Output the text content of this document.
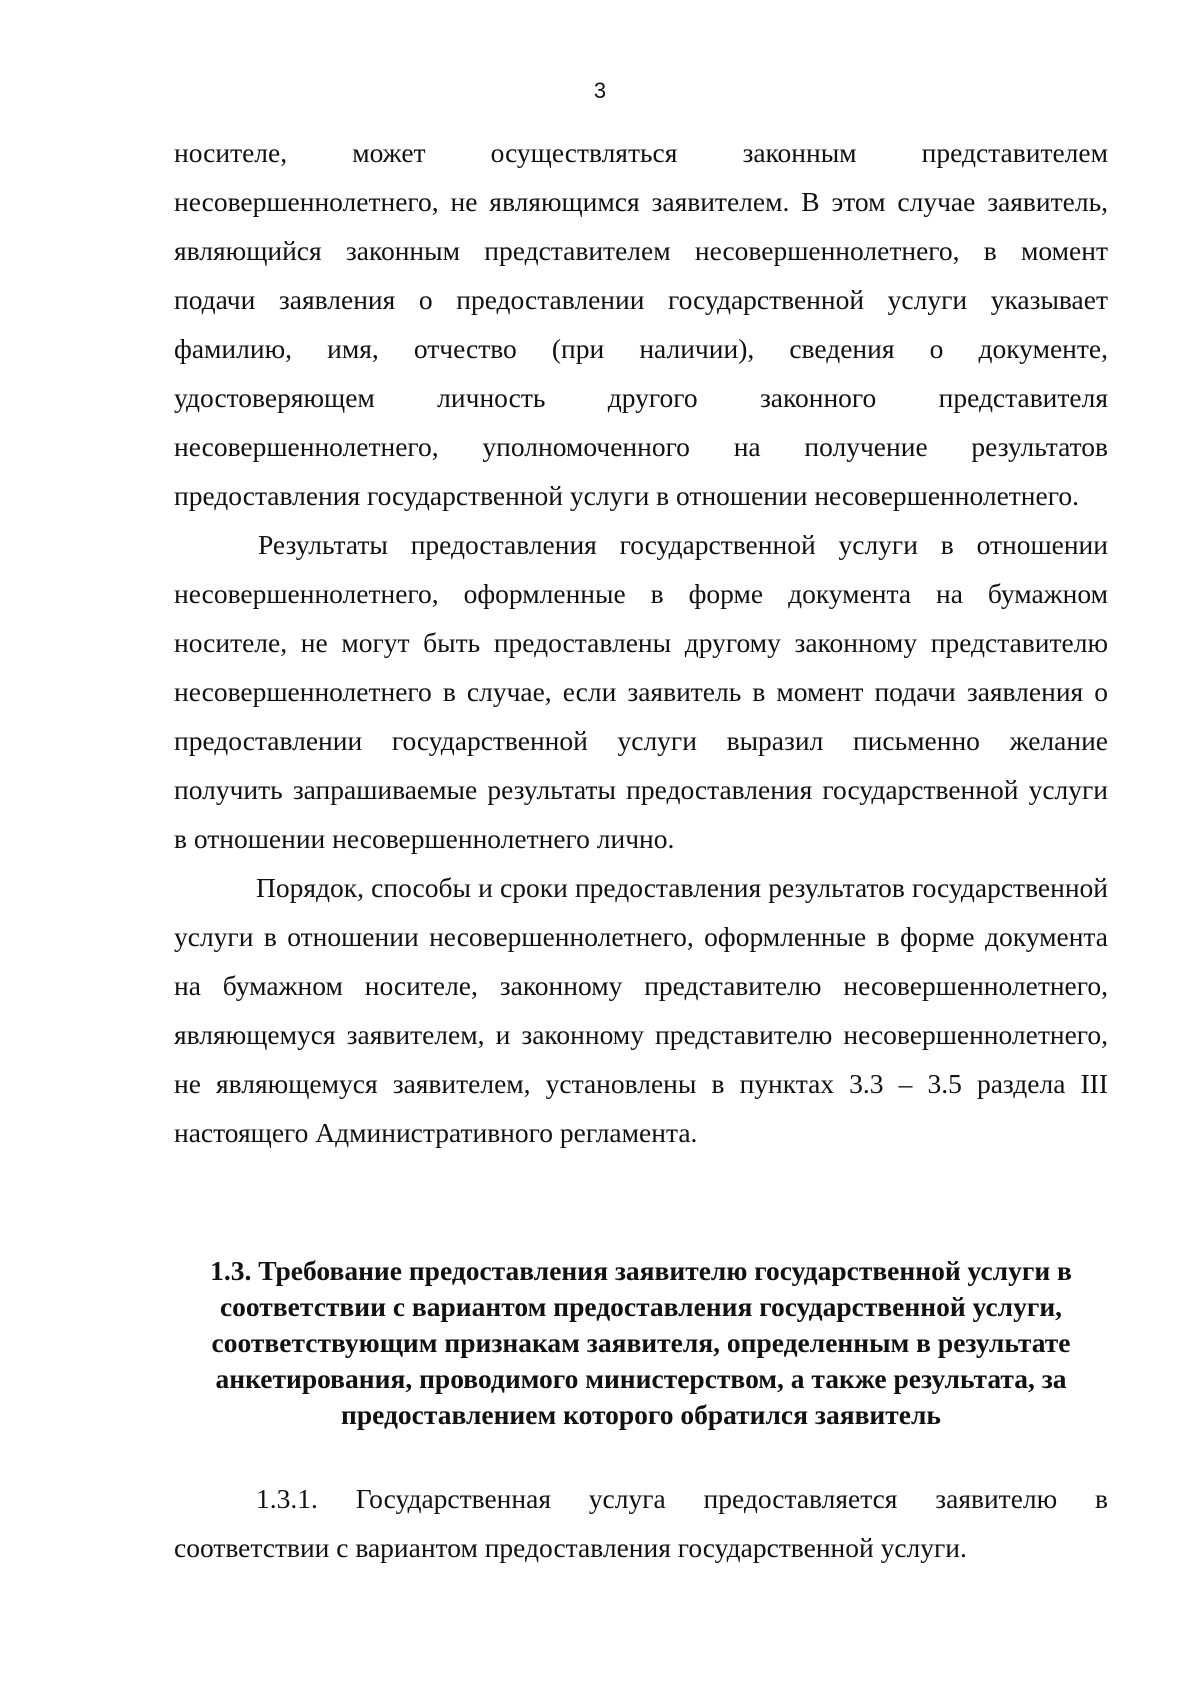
3

носителе, может осуществляться законным представителем несовершеннолетнего, не являющимся заявителем. В этом случае заявитель, являющийся законным представителем несовершеннолетнего, в момент подачи заявления о предоставлении государственной услуги указывает фамилию, имя, отчество (при наличии), сведения о документе, удостоверяющем личность другого законного представителя несовершеннолетнего, уполномоченного на получение результатов предоставления государственной услуги в отношении несовершеннолетнего.

Результаты предоставления государственной услуги в отношении несовершеннолетнего, оформленные в форме документа на бумажном носителе, не могут быть предоставлены другому законному представителю несовершеннолетнего в случае, если заявитель в момент подачи заявления о предоставлении государственной услуги выразил письменно желание получить запрашиваемые результаты предоставления государственной услуги в отношении несовершеннолетнего лично.

Порядок, способы и сроки предоставления результатов государственной услуги в отношении несовершеннолетнего, оформленные в форме документа на бумажном носителе, законному представителю несовершеннолетнего, являющемуся заявителем, и законному представителю несовершеннолетнего, не являющемуся заявителем, установлены в пунктах 3.3 – 3.5 раздела III настоящего Административного регламента.

1.3. Требование предоставления заявителю государственной услуги в соответствии с вариантом предоставления государственной услуги, соответствующим признакам заявителя, определенным в результате анкетирования, проводимого министерством, а также результата, за предоставлением которого обратился заявитель

1.3.1. Государственная услуга предоставляется заявителю в соответствии с вариантом предоставления государственной услуги.
